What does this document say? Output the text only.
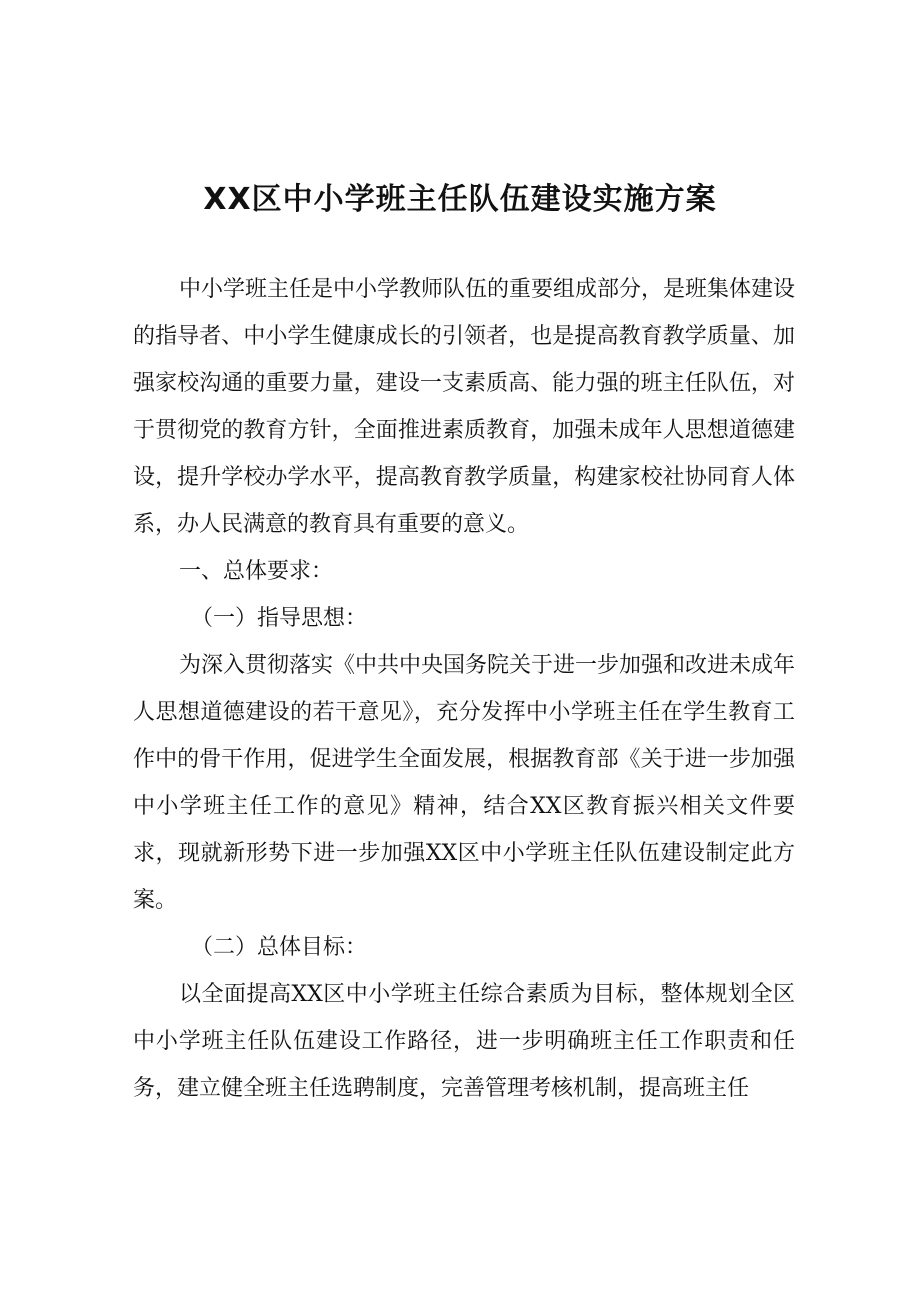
XX区中小学班主任队伍建设实施方案

中小学班主任是中小学教师队伍的重要组成部分，是班集体建设的指导者、中小学生健康成长的引领者，也是提高教育教学质量、加强家校沟通的重要力量，建设一支素质高、能力强的班主任队伍，对于贯彻党的教育方针，全面推进素质教育，加强未成年人思想道德建设，提升学校办学水平，提高教育教学质量，构建家校社协同育人体系，办人民满意的教育具有重要的意义。

一、总体要求：

（一）指导思想：

为深入贯彻落实《中共中央国务院关于进一步加强和改进未成年人思想道德建设的若干意见》，充分发挥中小学班主任在学生教育工作中的骨干作用，促进学生全面发展，根据教育部《关于进一步加强中小学班主任工作的意见》精神，结合XX区教育振兴相关文件要求，现就新形势下进一步加强XX区中小学班主任队伍建设制定此方案。

（二）总体目标：

以全面提高XX区中小学班主任综合素质为目标，整体规划全区中小学班主任队伍建设工作路径，进一步明确班主任工作职责和任务，建立健全班主任选聘制度，完善管理考核机制，提高班主任
